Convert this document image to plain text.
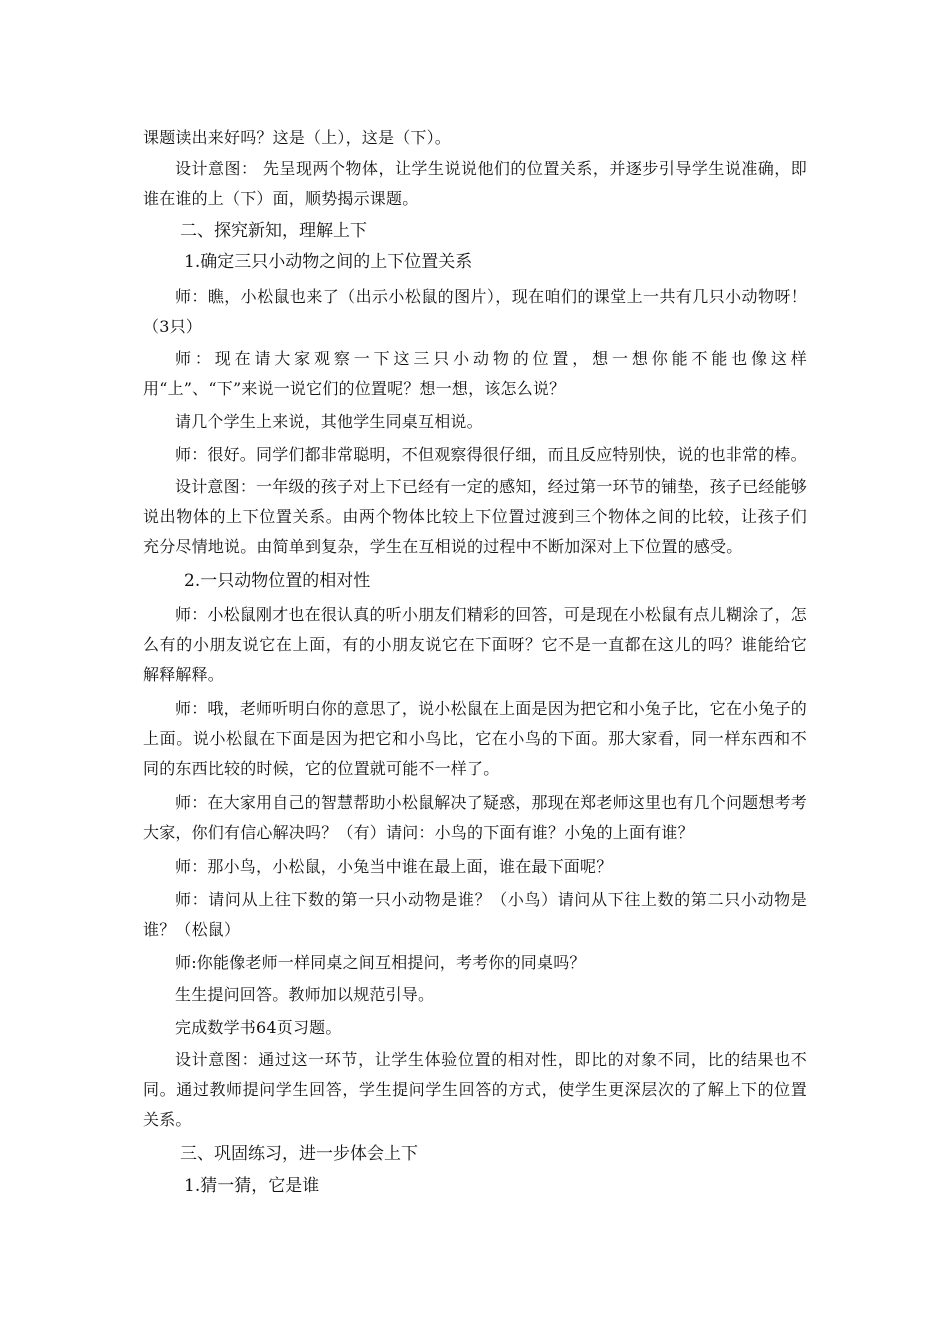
课题读出来好吗？这是（上），这是（下）。

设计意图： 先呈现两个物体，让学生说说他们的位置关系，并逐步引导学生说准确，即谁在谁的上（下）面，顺势揭示课题。

二、探究新知，理解上下

1.确定三只小动物之间的上下位置关系

师：瞧，小松鼠也来了（出示小松鼠的图片），现在咱们的课堂上一共有几只小动物呀！（3只）

师：现在请大家观察一下这三只小动物的位置，想一想你能不能也像这样用“上”、“下”来说一说它们的位置呢？想一想，该怎么说？

请几个学生上来说，其他学生同桌互相说。

师：很好。同学们都非常聪明，不但观察得很仔细，而且反应特别快，说的也非常的棒。

设计意图：一年级的孩子对上下已经有一定的感知，经过第一环节的铺垫，孩子已经能够说出物体的上下位置关系。由两个物体比较上下位置过渡到三个物体之间的比较，让孩子们充分尽情地说。由简单到复杂，学生在互相说的过程中不断加深对上下位置的感受。

2.一只动物位置的相对性

师：小松鼠刚才也在很认真的听小朋友们精彩的回答，可是现在小松鼠有点儿糊涂了，怎么有的小朋友说它在上面，有的小朋友说它在下面呀？它不是一直都在这儿的吗？谁能给它解释解释。

师：哦，老师听明白你的意思了，说小松鼠在上面是因为把它和小兔子比，它在小兔子的上面。说小松鼠在下面是因为把它和小鸟比，它在小鸟的下面。那大家看，同一样东西和不同的东西比较的时候，它的位置就可能不一样了。

师：在大家用自己的智慧帮助小松鼠解决了疑惑，那现在郑老师这里也有几个问题想考考大家，你们有信心解决吗？（有）请问：小鸟的下面有谁？小兔的上面有谁？

师：那小鸟，小松鼠，小兔当中谁在最上面，谁在最下面呢？

师：请问从上往下数的第一只小动物是谁？（小鸟）请问从下往上数的第二只小动物是谁？（松鼠）

师:你能像老师一样同桌之间互相提问，考考你的同桌吗？

生生提问回答。教师加以规范引导。

完成数学书64页习题。

设计意图：通过这一环节，让学生体验位置的相对性，即比的对象不同，比的结果也不同。通过教师提问学生回答，学生提问学生回答的方式，使学生更深层次的了解上下的位置关系。

三、巩固练习，进一步体会上下

1.猜一猜，它是谁
